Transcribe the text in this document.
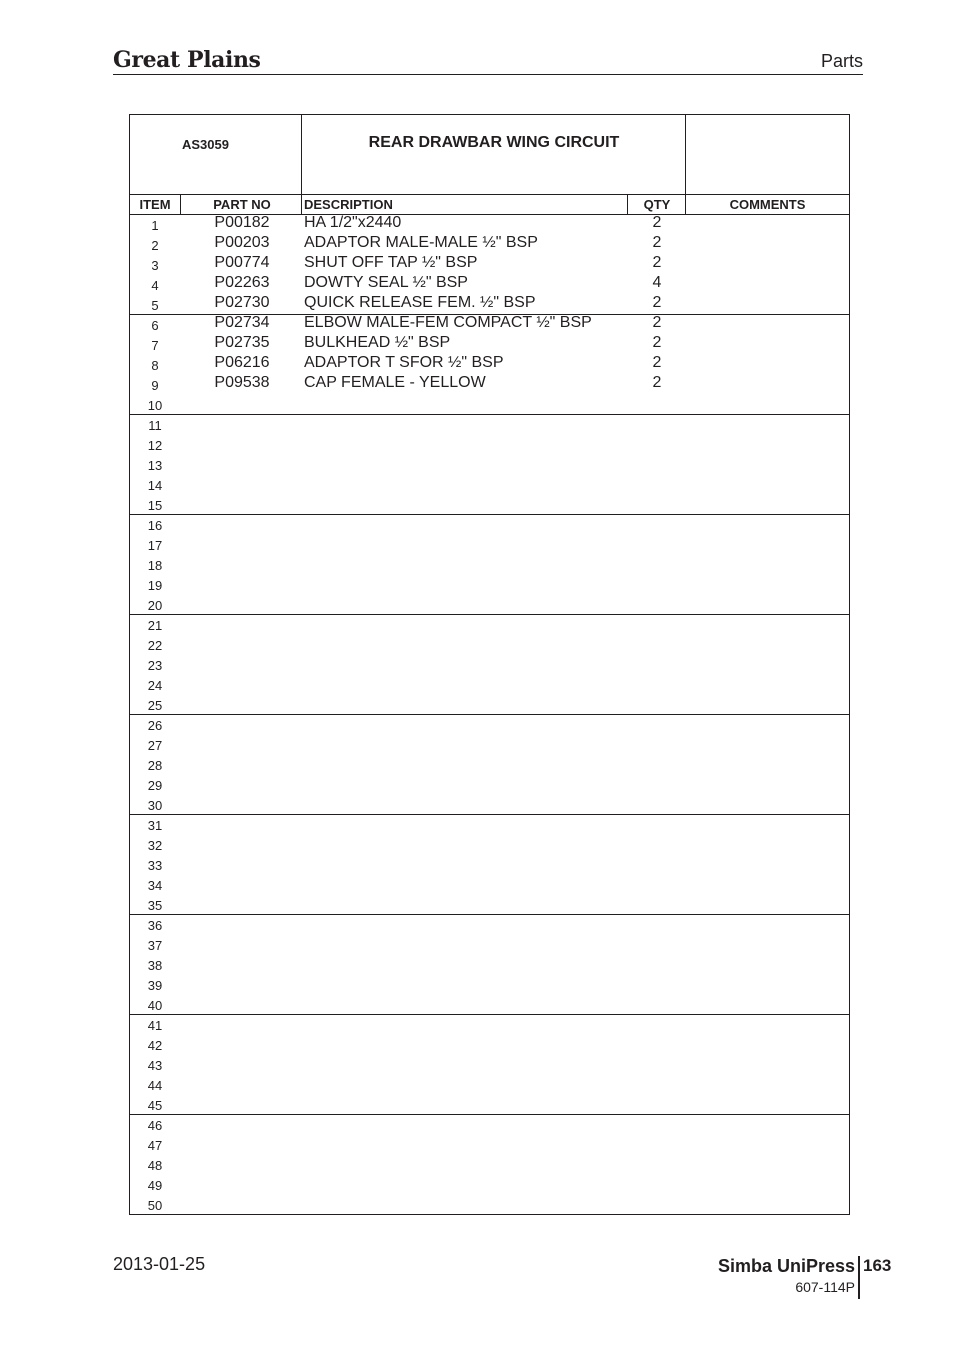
Great Plains	Parts
AS3059	REAR DRAWBAR WING CIRCUIT
ITEM	PART NO	DESCRIPTION	QTY	COMMENTS
1	P00182	HA 1/2"x2440	2
2	P00203	ADAPTOR MALE-MALE ½" BSP	2
3	P00774	SHUT OFF TAP ½" BSP	2
4	P02263	DOWTY SEAL ½" BSP	4
5	P02730	QUICK RELEASE FEM. ½" BSP	2
6	P02734	ELBOW MALE-FEM COMPACT ½" BSP	2
7	P02735	BULKHEAD ½" BSP	2
8	P06216	ADAPTOR T SFOR ½" BSP	2
9	P09538	CAP FEMALE - YELLOW	2
10
11
12
13
14
15
16
17
18
19
20
21
22
23
24
25
26
27
28
29
30
31
32
33
34
35
36
37
38
39
40
41
42
43
44
45
46
47
48
49
50
2013-01-25	Simba UniPress 163
607-114P
